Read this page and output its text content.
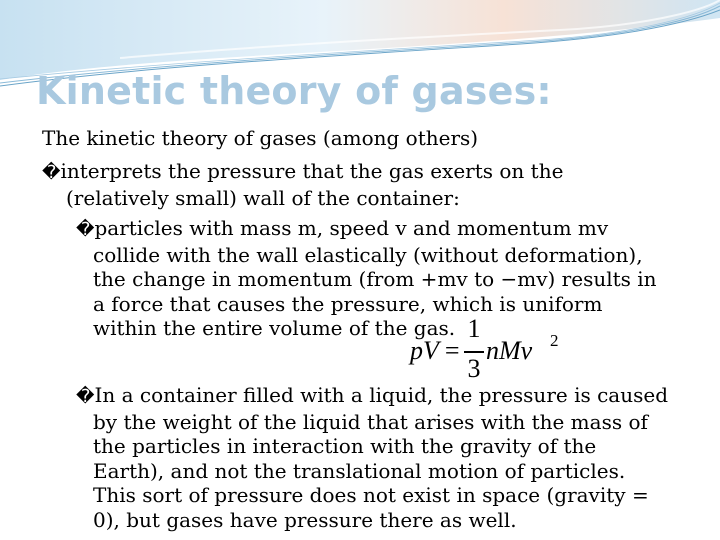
Kinetic theory of gases:
The kinetic theory of gases (among others)
�interprets the pressure that the gas exerts on the
(relatively small) wall of the container:
�particles with mass m, speed v and momentum mv
collide with the wall elastically (without deformation),
the change in momentum (from +mv to −mv) results in
a force that causes the pressure, which is uniform
within the entire volume of the gas.
pV =
1
3
nMv 2
�In a container filled with a liquid, the pressure is caused
by the weight of the liquid that arises with the mass of
the particles in interaction with the gravity of the
Earth), and not the translational motion of particles.
This sort of pressure does not exist in space (gravity =
0), but gases have pressure there as well.
